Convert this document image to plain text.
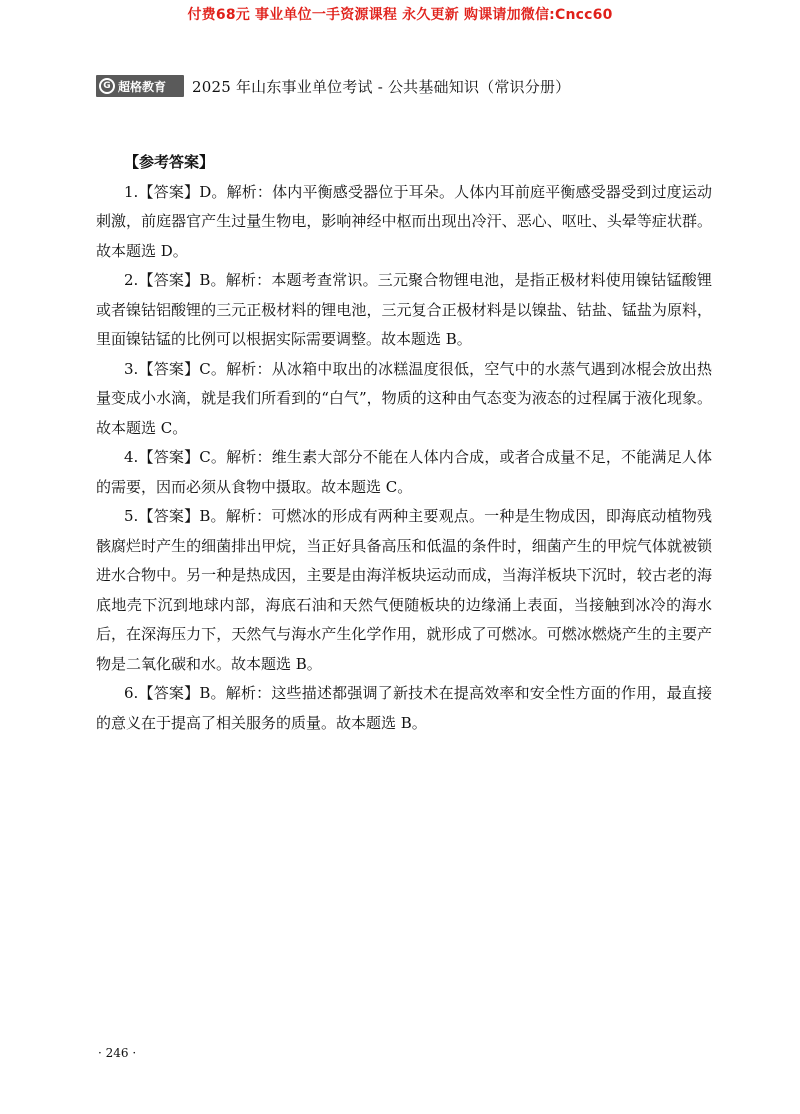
付费68元 事业单位一手资源课程 永久更新 购课请加微信:Cncc60
G 超格教育 2025 年山东事业单位考试 - 公共基础知识（常识分册）

【参考答案】

1.【答案】D。解析：体内平衡感受器位于耳朵。人体内耳前庭平衡感受器受到过度运动刺激，前庭器官产生过量生物电，影响神经中枢而出现出冷汗、恶心、呕吐、头晕等症状群。故本题选 D。

2.【答案】B。解析：本题考查常识。三元聚合物锂电池，是指正极材料使用镍钴锰酸锂或者镍钴铝酸锂的三元正极材料的锂电池，三元复合正极材料是以镍盐、钴盐、锰盐为原料，里面镍钴锰的比例可以根据实际需要调整。故本题选 B。

3.【答案】C。解析：从冰箱中取出的冰糕温度很低，空气中的水蒸气遇到冰棍会放出热量变成小水滴，就是我们所看到的“白气”，物质的这种由气态变为液态的过程属于液化现象。故本题选 C。

4.【答案】C。解析：维生素大部分不能在人体内合成，或者合成量不足，不能满足人体的需要，因而必须从食物中摄取。故本题选 C。

5.【答案】B。解析：可燃冰的形成有两种主要观点。一种是生物成因，即海底动植物残骸腐烂时产生的细菌排出甲烷，当正好具备高压和低温的条件时，细菌产生的甲烷气体就被锁进水合物中。另一种是热成因，主要是由海洋板块运动而成，当海洋板块下沉时，较古老的海底地壳下沉到地球内部，海底石油和天然气便随板块的边缘涌上表面，当接触到冰冷的海水后，在深海压力下，天然气与海水产生化学作用，就形成了可燃冰。可燃冰燃烧产生的主要产物是二氧化碳和水。故本题选 B。

6.【答案】B。解析：这些描述都强调了新技术在提高效率和安全性方面的作用，最直接的意义在于提高了相关服务的质量。故本题选 B。

· 246 ·
